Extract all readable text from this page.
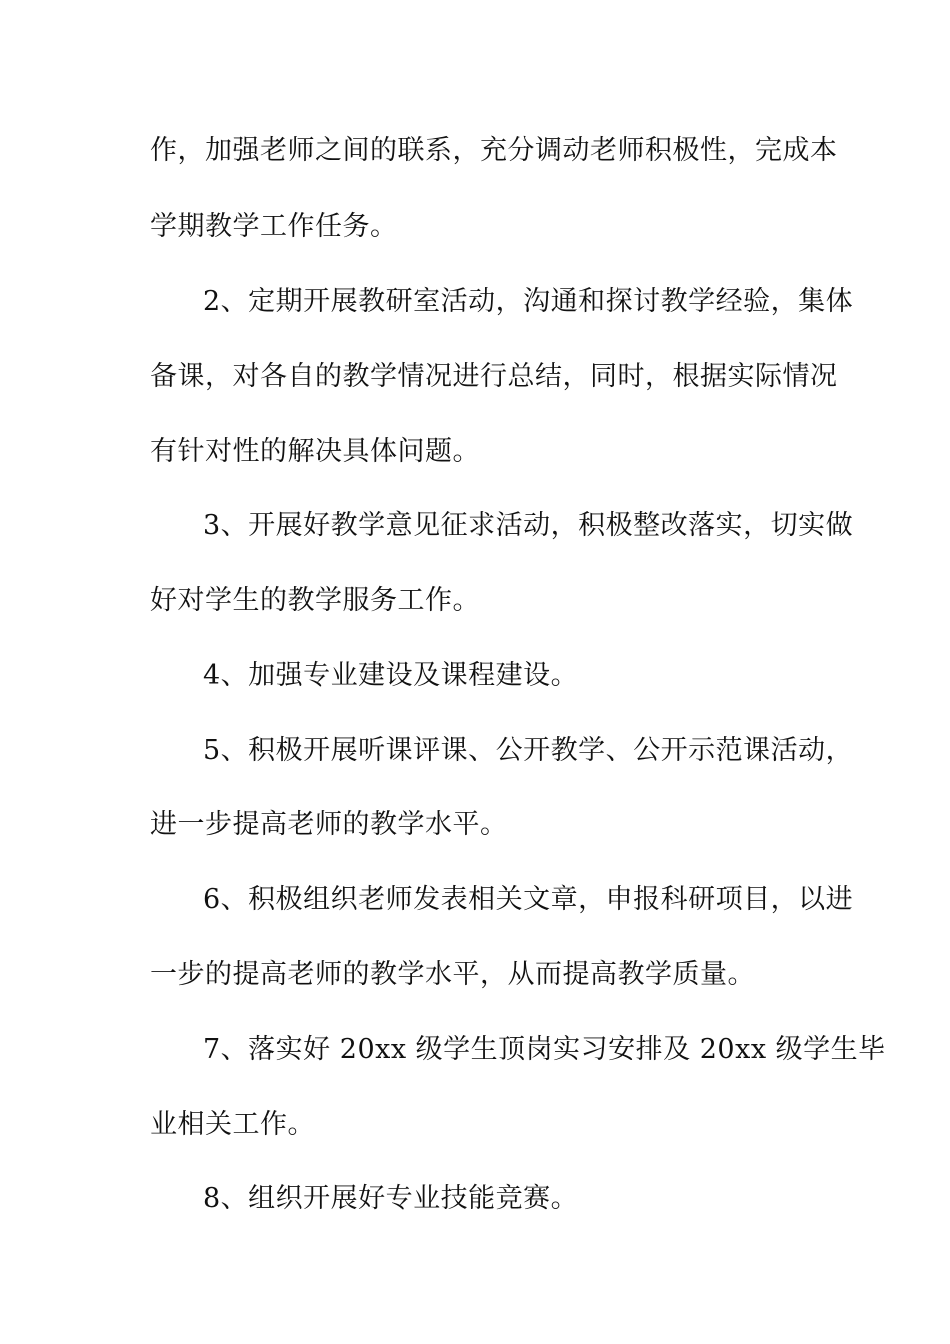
作，加强老师之间的联系，充分调动老师积极性，完成本
学期教学工作任务。
2、定期开展教研室活动，沟通和探讨教学经验，集体
备课，对各自的教学情况进行总结，同时，根据实际情况
有针对性的解决具体问题。
3、开展好教学意见征求活动，积极整改落实，切实做
好对学生的教学服务工作。
4、加强专业建设及课程建设。
5、积极开展听课评课、公开教学、公开示范课活动，
进一步提高老师的教学水平。
6、积极组织老师发表相关文章，申报科研项目，以进
一步的提高老师的教学水平，从而提高教学质量。
7、落实好 20xx 级学生顶岗实习安排及 20xx 级学生毕
业相关工作。
8、组织开展好专业技能竞赛。
